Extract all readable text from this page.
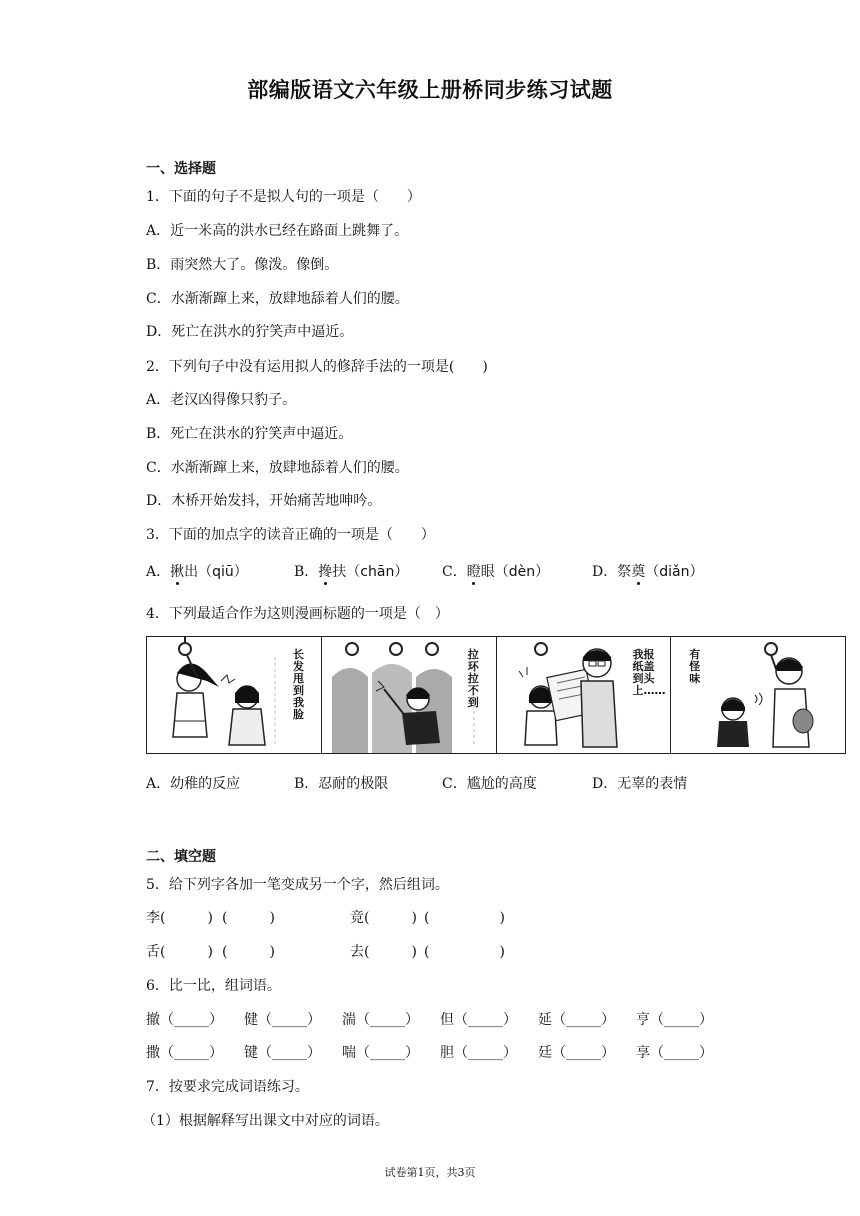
部编版语文六年级上册桥同步练习试题
一、选择题
1．下面的句子不是拟人句的一项是（　　）
A．近一米高的洪水已经在路面上跳舞了。
B．雨突然大了。像泼。像倒。
C．水渐渐蹿上来，放肆地舔着人们的腰。
D．死亡在洪水的狞笑声中逼近。
2．下列句子中没有运用拟人的修辞手法的一项是(　　)
A．老汉凶得像只豹子。
B．死亡在洪水的狞笑声中逼近。
C．水渐渐蹿上来，放肆地舔着人们的腰。
D．木桥开始发抖，开始痛苦地呻吟。
3．下面的加点字的读音正确的一项是（　　）
A．揪出（qiū）	B．搀扶（chān） C．瞪眼（dèn）	D．祭奠（diǎn）
4．下列最适合作为这则漫画标题的一项是（　）
长发甩到我脸
拉环拉不到
我报纸盖到头上……
有怪味
A．幼稚的反应	B．忍耐的极限	C．尴尬的高度	D．无辜的表情
二、填空题
5．给下列字各加一笔变成另一个字，然后组词。
李 (　　　) (　　　)	竞 (　　　) (　　　　　)
舌 (　　　) (　　　)	去 (　　　) (　　　　　)
6．比一比，组词语。
撤（_____） 健（_____） 湍（_____） 但（_____） 延（_____） 亨（_____）
撒（_____） 键（_____） 喘（_____） 胆（_____） 廷（_____） 享（_____）
7．按要求完成词语练习。
（1）根据解释写出课文中对应的词语。
试卷第1页，共3页
